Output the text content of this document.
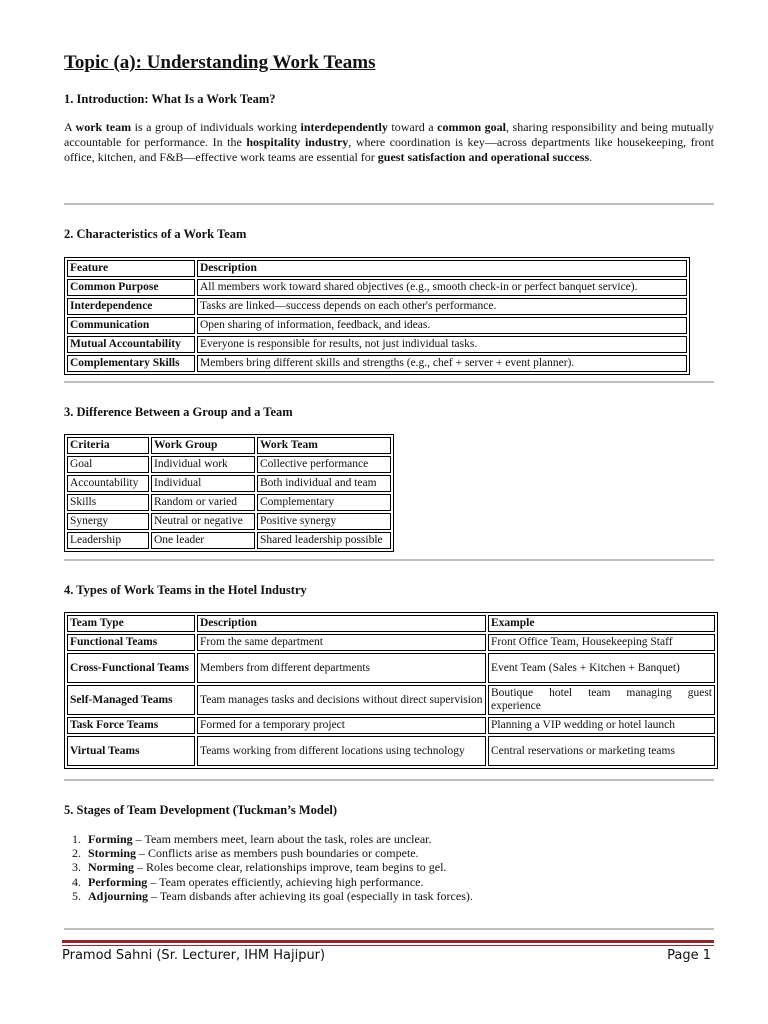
Topic (a): Understanding Work Teams
1. Introduction: What Is a Work Team?
A work team is a group of individuals working interdependently toward a common goal, sharing responsibility and being mutually accountable for performance. In the hospitality industry, where coordination is key—across departments like housekeeping, front office, kitchen, and F&B—effective work teams are essential for guest satisfaction and operational success.
2. Characteristics of a Work Team
Feature	Description
Common Purpose	All members work toward shared objectives (e.g., smooth check-in or perfect banquet service).
Interdependence	Tasks are linked—success depends on each other's performance.
Communication	Open sharing of information, feedback, and ideas.
Mutual Accountability	Everyone is responsible for results, not just individual tasks.
Complementary Skills	Members bring different skills and strengths (e.g., chef + server + event planner).
3. Difference Between a Group and a Team
Criteria	Work Group	Work Team
Goal	Individual work	Collective performance
Accountability	Individual	Both individual and team
Skills	Random or varied	Complementary
Synergy	Neutral or negative	Positive synergy
Leadership	One leader	Shared leadership possible
4. Types of Work Teams in the Hotel Industry
Team Type	Description	Example
Functional Teams	From the same department	Front Office Team, Housekeeping Staff
Cross-Functional Teams	Members from different departments	Event Team (Sales + Kitchen + Banquet)
Self-Managed Teams	Team manages tasks and decisions without direct supervision	Boutique hotel team managing guest experience
Task Force Teams	Formed for a temporary project	Planning a VIP wedding or hotel launch
Virtual Teams	Teams working from different locations using technology	Central reservations or marketing teams
5. Stages of Team Development (Tuckman’s Model)
1. Forming – Team members meet, learn about the task, roles are unclear.
2. Storming – Conflicts arise as members push boundaries or compete.
3. Norming – Roles become clear, relationships improve, team begins to gel.
4. Performing – Team operates efficiently, achieving high performance.
5. Adjourning – Team disbands after achieving its goal (especially in task forces).
Pramod Sahni (Sr. Lecturer, IHM Hajipur)	Page 1
